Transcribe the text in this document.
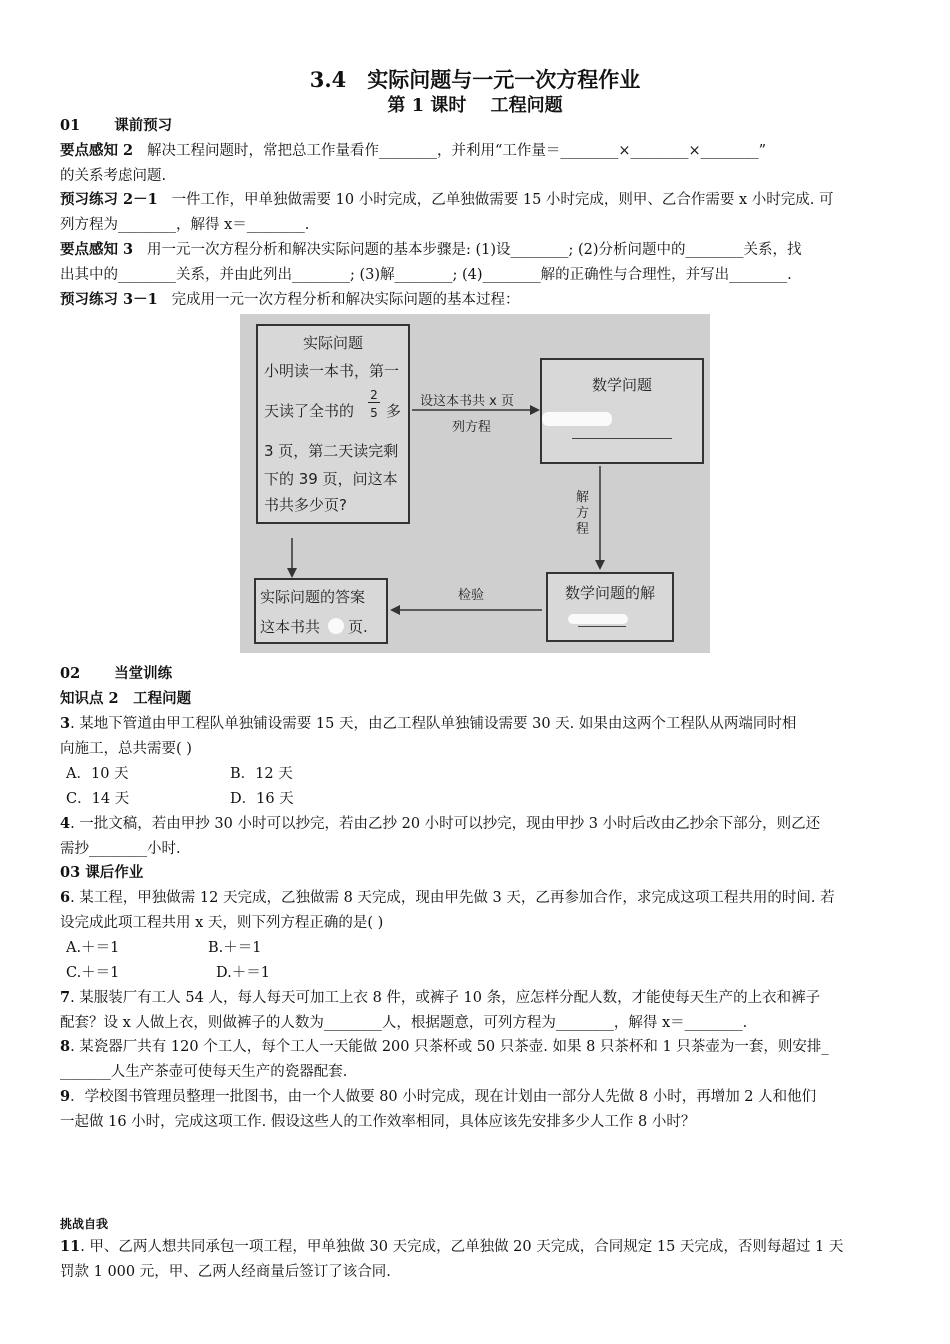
3.4　实际问题与一元一次方程作业
第 1 课时　 工程问题
01 课前预习
要点感知 2 解决工程问题时，常把总工作量看作________，并利用“工作量＝________×________×________”
的关系考虑问题.
预习练习 2－1 一件工作，甲单独做需要 10 小时完成，乙单独做需要 15 小时完成，则甲、乙合作需要 x 小时完成. 可
列方程为________，解得 x＝________.
要点感知 3 用一元一次方程分析和解决实际问题的基本步骤是: (1)设________; (2)分析问题中的________关系，找
出其中的________关系，并由此列出________; (3)解________; (4)________解的正确性与合理性，并写出________.
预习练习 3－1 完成用一元一次方程分析和解决实际问题的基本过程：
实际问题
小明读一本书，第一
天读了全书的
2
5 多
3 页，第二天读完剩
下的 39 页，问这本
书共多少页?
设这本书共 x 页
列方程
数学问题
解方程
数学问题的解
检验
实际问题的答案
这本书共 页.
02 当堂训练
知识点 2　工程问题
3. 某地下管道由甲工程队单独铺设需要 15 天，由乙工程队单独铺设需要 30 天. 如果由这两个工程队从两端同时相
向施工，总共需要( )
A．10 天	B．12 天
C．14 天	D．16 天
4. 一批文稿，若由甲抄 30 小时可以抄完，若由乙抄 20 小时可以抄完，现由甲抄 3 小时后改由乙抄余下部分，则乙还
需抄________小时.
03 课后作业
6. 某工程，甲独做需 12 天完成，乙独做需 8 天完成，现由甲先做 3 天，乙再参加合作，求完成这项工程共用的时间. 若
设完成此项工程共用 x 天，则下列方程正确的是( )
A.＋＝1	B.＋＝1
C.＋＝1	D.＋＝1
7. 某服装厂有工人 54 人，每人每天可加工上衣 8 件，或裤子 10 条，应怎样分配人数，才能使每天生产的上衣和裤子
配套？设 x 人做上衣，则做裤子的人数为________人，根据题意，可列方程为________，解得 x＝________.
8. 某瓷器厂共有 120 个工人，每个工人一天能做 200 只茶杯或 50 只茶壶. 如果 8 只茶杯和 1 只茶壶为一套，则安排_
_______人生产茶壶可使每天生产的瓷器配套.
9．学校图书管理员整理一批图书，由一个人做要 80 小时完成，现在计划由一部分人先做 8 小时，再增加 2 人和他们
一起做 16 小时，完成这项工作. 假设这些人的工作效率相同，具体应该先安排多少人工作 8 小时？
挑战自我
11. 甲、乙两人想共同承包一项工程，甲单独做 30 天完成，乙单独做 20 天完成，合同规定 15 天完成，否则每超过 1 天
罚款 1 000 元，甲、乙两人经商量后签订了该合同.
